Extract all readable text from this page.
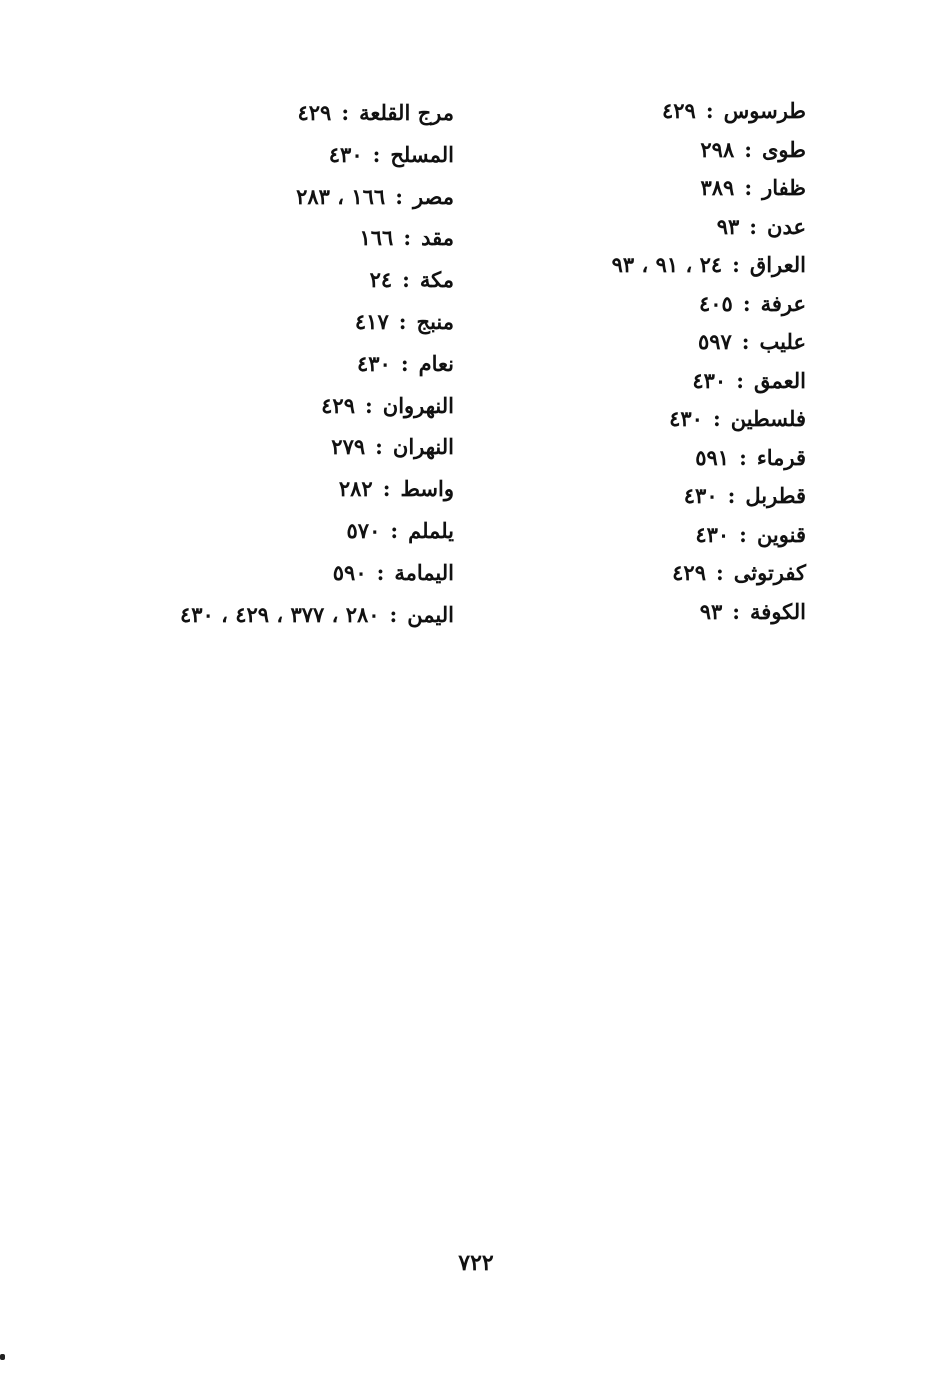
طرسوس:٤٢٩
طوى:٢٩٨
ظفار:٣٨٩
عدن:٩٣
العراق:٢٤ ، ٩١ ، ٩٣
عرفة:٤٠٥
عليب:٥٩٧
العمق:٤٣٠
فلسطين:٤٣٠
قرماء:٥٩١
قطربل:٤٣٠
قنوين:٤٣٠
كفرتوثى:٤٢٩
الكوفة:٩٣
مرج القلعة:٤٢٩
المسلح:٤٣٠
مصر:١٦٦ ، ٢٨٣
مقد:١٦٦
مكة:٢٤
منبج:٤١٧
نعام:٤٣٠
النهروان:٤٢٩
النهران:٢٧٩
واسط:٢٨٢
يلملم:٥٧٠
اليمامة:٥٩٠
اليمن:٢٨٠ ، ٣٧٧ ، ٤٢٩ ، ٤٣٠
٧٢٢
